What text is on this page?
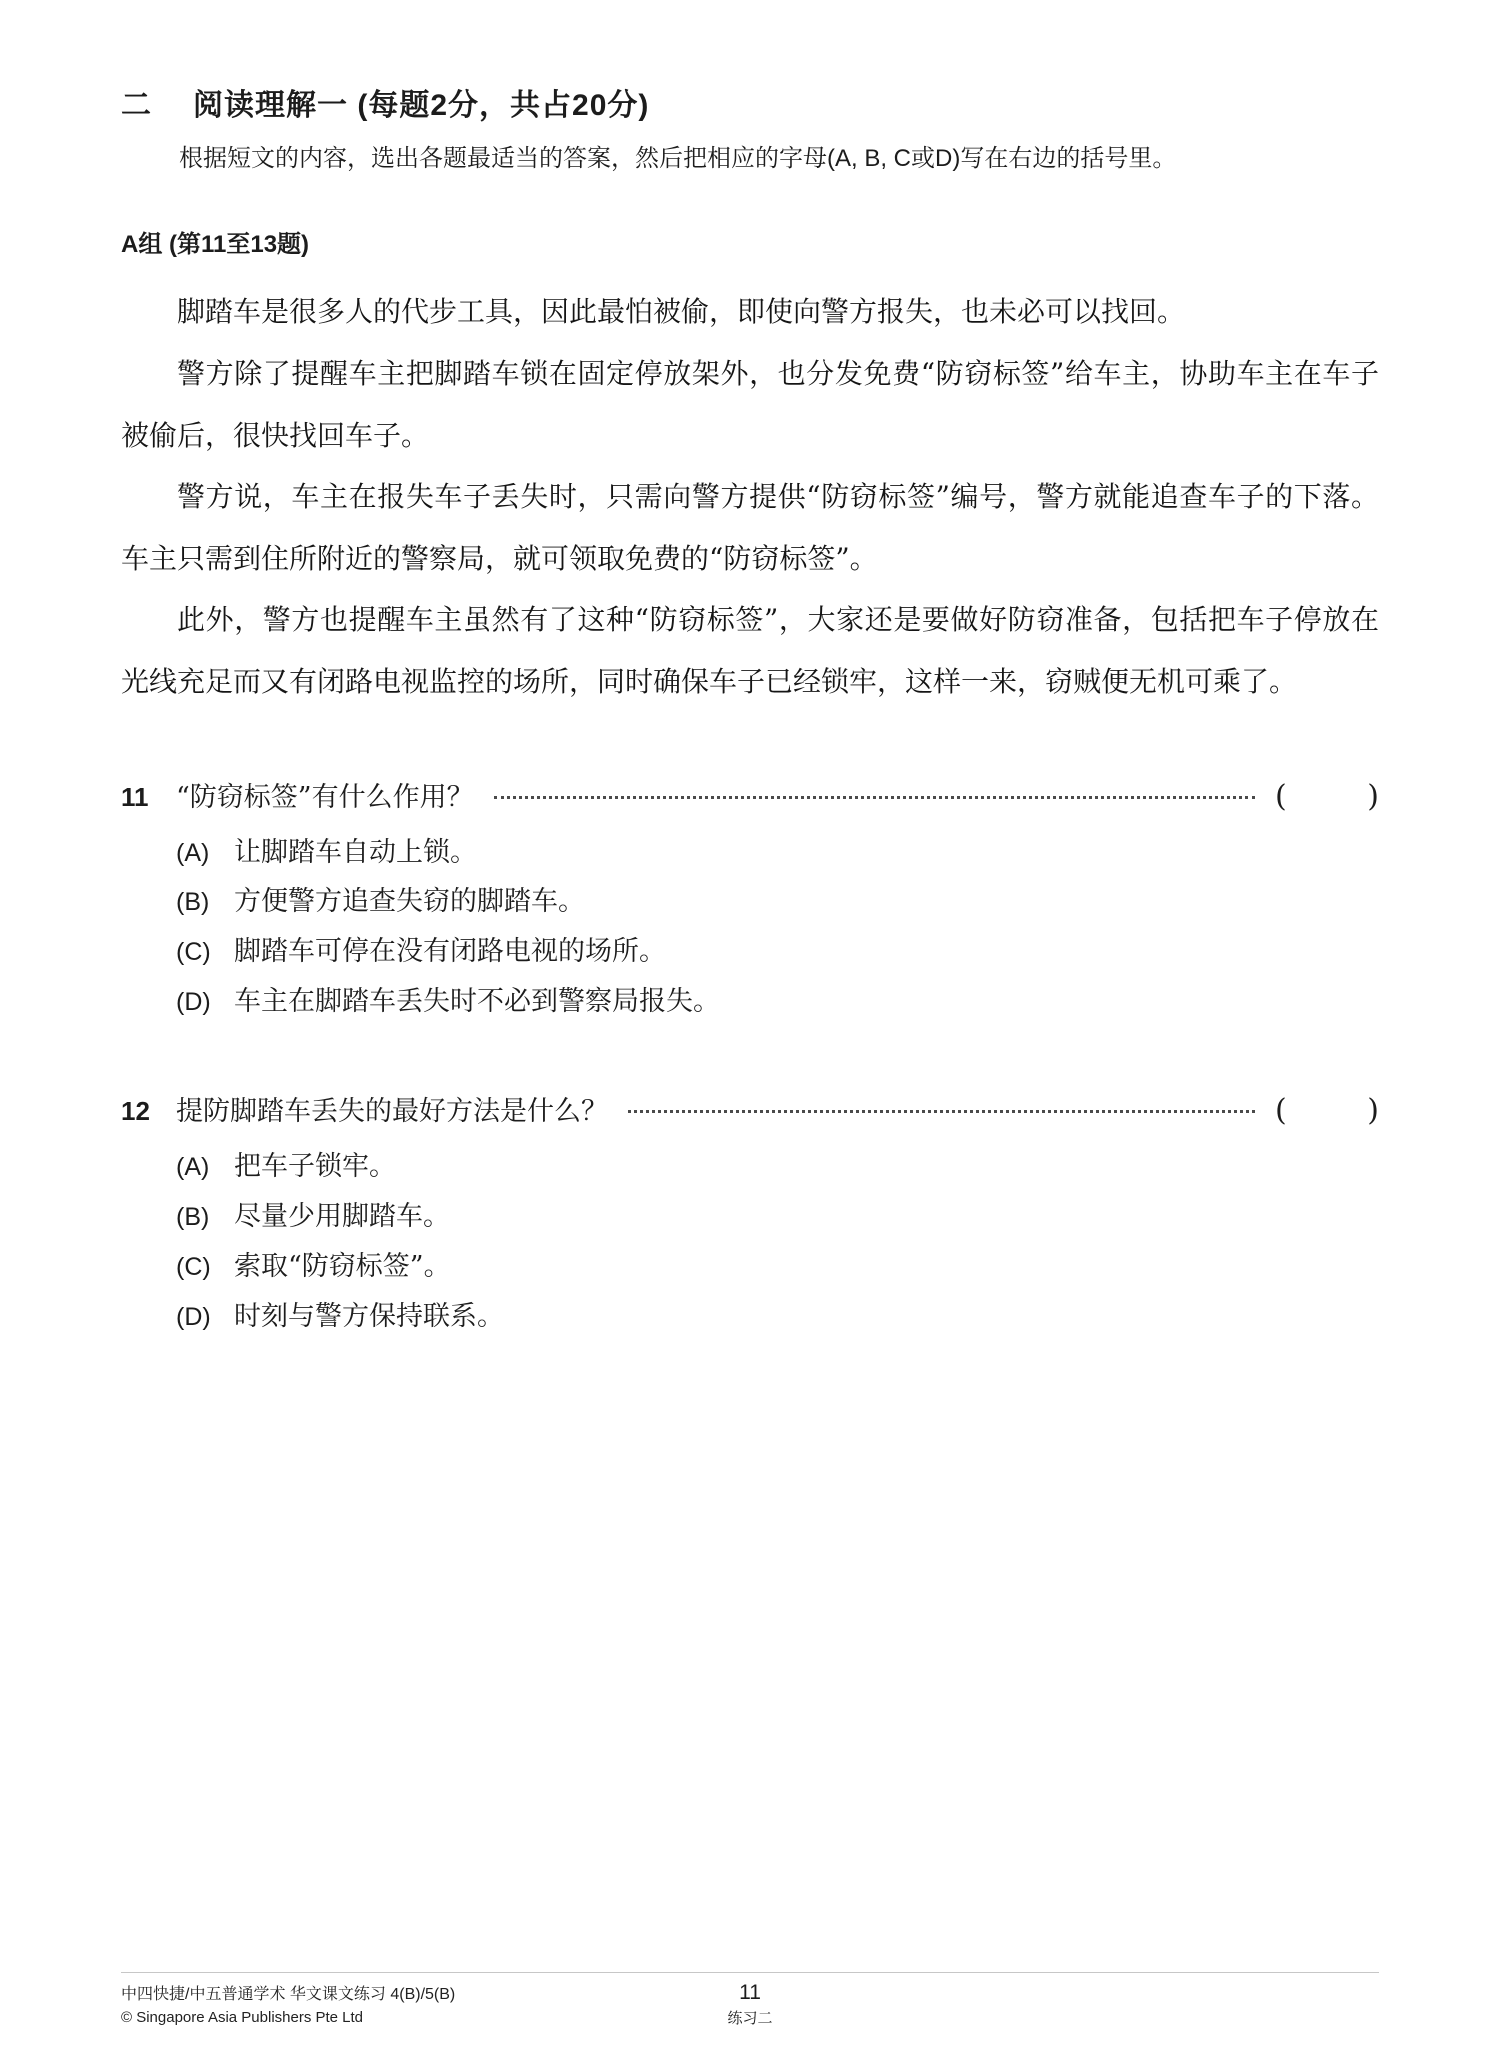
二	阅读理解一 (每题2分，共占20分)
根据短文的内容，选出各题最适当的答案，然后把相应的字母(A, B, C或D)写在右边的括号里。
A组 (第11至13题)

脚踏车是很多人的代步工具，因此最怕被偷，即使向警方报失，也未必可以找回。

警方除了提醒车主把脚踏车锁在固定停放架外，也分发免费“防窃标签”给车主，协助车主在车子被偷后，很快找回车子。

警方说，车主在报失车子丢失时，只需向警方提供“防窃标签”编号，警方就能追查车子的下落。车主只需到住所附近的警察局，就可领取免费的“防窃标签”。

此外，警方也提醒车主虽然有了这种“防窃标签”，大家还是要做好防窃准备，包括把车子停放在光线充足而又有闭路电视监控的场所，同时确保车子已经锁牢，这样一来，窃贼便无机可乘了。

11	“防窃标签”有什么作用？	(	)
(A) 让脚踏车自动上锁。
(B) 方便警方追查失窃的脚踏车。
(C) 脚踏车可停在没有闭路电视的场所。
(D) 车主在脚踏车丢失时不必到警察局报失。
12 提防脚踏车丢失的最好方法是什么？	(	)
(A) 把车子锁牢。
(B) 尽量少用脚踏车。
(C) 索取“防窃标签”。
(D) 时刻与警方保持联系。
中四快捷/中五普通学术 华文课文练习 4(B)/5(B)
© Singapore Asia Publishers Pte Ltd
11
练习二
